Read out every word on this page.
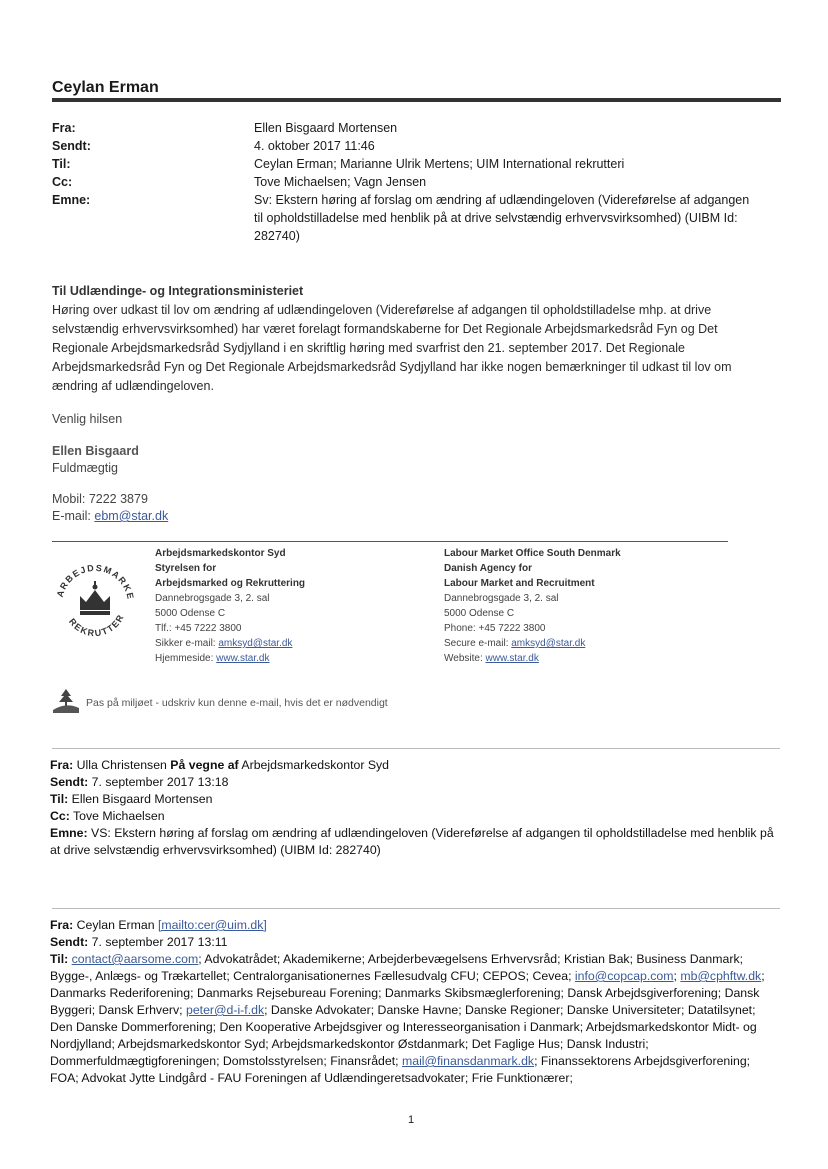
Ceylan Erman
Fra:	Ellen Bisgaard Mortensen
Sendt:	4. oktober 2017 11:46
Til:	Ceylan Erman; Marianne Ulrik Mertens; UIM International rekrutteri
Cc:	Tove Michaelsen; Vagn Jensen
Emne:	Sv: Ekstern høring af forslag om ændring af udlændingeloven (Videreførelse af adgangen til opholdstilladelse med henblik på at drive selvstændig erhvervsvirksomhed) (UIBM Id: 282740)
Til Udlændinge- og Integrationsministeriet
Høring over udkast til lov om ændring af udlændingeloven (Videreførelse af adgangen til opholdstilladelse mhp. at drive selvstændig erhvervsvirksomhed) har været forelagt formandskaberne for Det Regionale Arbejdsmarkedsråd Fyn og Det Regionale Arbejdsmarkedsråd Sydjylland i en skriftlig høring med svarfrist den 21. september 2017. Det Regionale Arbejdsmarkedsråd Fyn og Det Regionale Arbejdsmarkedsråd Sydjylland har ikke nogen bemærkninger til udkast til lov om ændring af udlændingeloven.
Venlig hilsen
Ellen Bisgaard
Fuldmægtig
Mobil: 7222 3879
E-mail: ebm@star.dk
ARBEJDSMARKE
REKRUTTER
Arbejdsmarkedskontor Syd
Styrelsen for
Arbejdsmarked og Rekruttering
Dannebrogsgade 3, 2. sal
5000 Odense C
Tlf.: +45 7222 3800
Sikker e-mail: amksyd@star.dk
Hjemmeside: www.star.dk
Labour Market Office South Denmark
Danish Agency for
Labour Market and Recruitment
Dannebrogsgade 3, 2. sal
5000 Odense C
Phone: +45 7222 3800
Secure e-mail: amksyd@star.dk
Website: www.star.dk
Pas på miljøet - udskriv kun denne e-mail, hvis det er nødvendigt
Fra: Ulla Christensen På vegne af Arbejdsmarkedskontor Syd
Sendt: 7. september 2017 13:18
Til: Ellen Bisgaard Mortensen
Cc: Tove Michaelsen
Emne: VS: Ekstern høring af forslag om ændring af udlændingeloven (Videreførelse af adgangen til opholdstilladelse med henblik på at drive selvstændig erhvervsvirksomhed) (UIBM Id: 282740)
Fra: Ceylan Erman [mailto:cer@uim.dk]
Sendt: 7. september 2017 13:11
Til: contact@aarsome.com; Advokatrådet; Akademikerne; Arbejderbevægelsens Erhvervsråd; Kristian Bak; Business Danmark; Bygge-, Anlægs- og Trækartellet; Centralorganisationernes Fællesudvalg CFU; CEPOS; Cevea; info@copcap.com; mb@cphftw.dk; Danmarks Rederiforening; Danmarks Rejsebureau Forening; Danmarks Skibsmæglerforening; Dansk Arbejdsgiverforening; Dansk Byggeri; Dansk Erhverv; peter@d-i-f.dk; Danske Advokater; Danske Havne; Danske Regioner; Danske Universiteter; Datatilsynet; Den Danske Dommerforening; Den Kooperative Arbejdsgiver og Interesseorganisation i Danmark; Arbejdsmarkedskontor Midt- og Nordjylland; Arbejdsmarkedskontor Syd; Arbejdsmarkedskontor Østdanmark; Det Faglige Hus; Dansk Industri; Dommerfuldmægtigforeningen; Domstolsstyrelsen; Finansrådet; mail@finansdanmark.dk; Finanssektorens Arbejdsgiverforening; FOA; Advokat Jytte Lindgård - FAU Foreningen af Udlændingeretsadvokater; Frie Funktionærer;
1
